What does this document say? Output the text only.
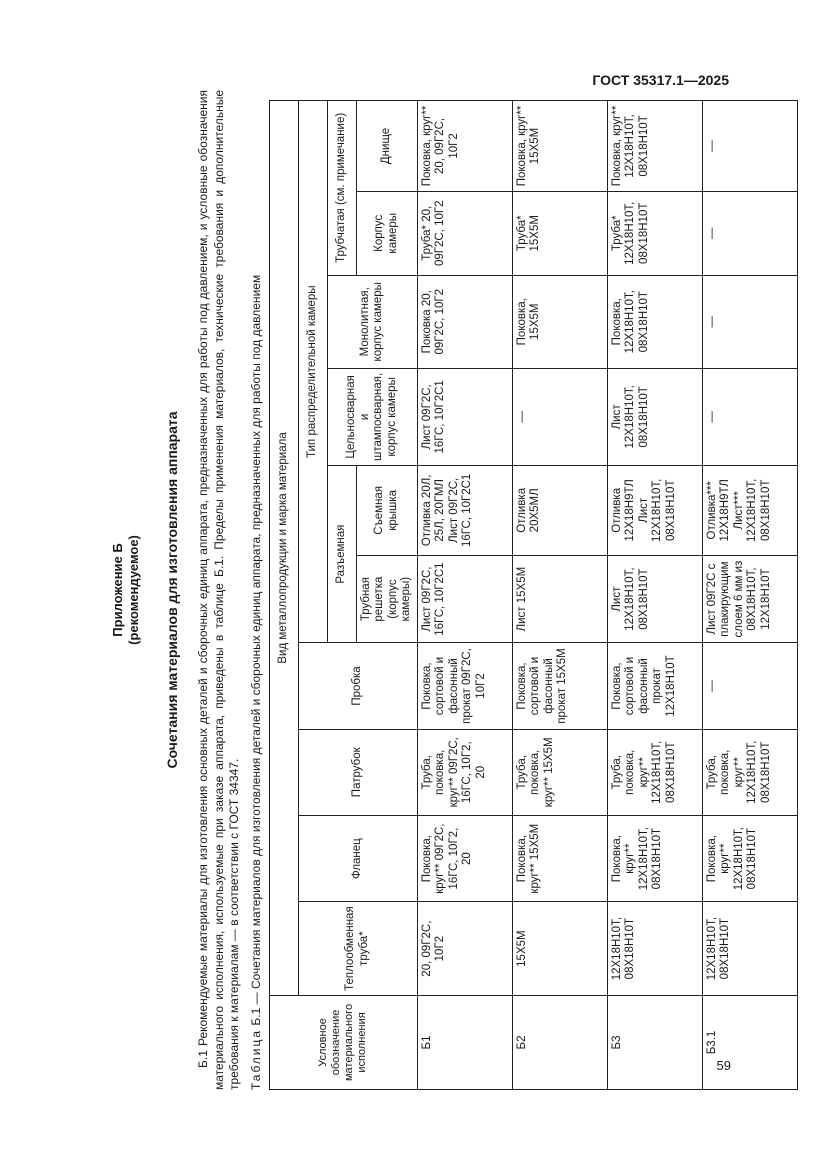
ГОСТ 35317.1—2025
Приложение Б (рекомендуемое) Сочетания материалов для изготовления аппарата Б.1 Рекомендуемые материалы для изготовления основных деталей и сборочных единиц аппарата, предназначенных для работы под давлением, и условные обозначения материального исполнения, используемые при заказе аппарата, приведены в таблице Б.1. Пределы применения материалов, технические требования и дополнительные требования к материалам — в соответствии с ГОСТ 34347. Таблица Б.1 — Сочетания материалов для изготовления деталей и сборочных единиц аппарата, предназначенных для работы под давлением
Условное обозначение материального исполнения	Вид металлопродукции и марка материала									
	Теплообменная труба*	Фланец	Патрубок	Пробка	Тип распределительной камеры					
					Разъемная		Цельносварная и штампосварная, корпус камеры	Монолитная, корпус камеры	Трубчатая (см. примечание)	
					Трубная решетка (корпус камеры)	Съемная крышка			Корпус камеры	Днище
Б1	20, 09Г2С, 10Г2	Поковка, круг** 09Г2С, 16ГС, 10Г2, 20	Труба, поковка, круг** 09Г2С, 16ГС, 10Г2, 20	Поковка, сортовой и фасонный прокат 09Г2С, 10Г2	Лист 09Г2С, 16ГС, 10Г2С1	Отливка 20Л, 25Л, 20ГМЛ Лист 09Г2С, 16ГС, 10Г2С1	Лист 09Г2С, 16ГС, 10Г2С1	Поковка 20, 09Г2С, 10Г2	Труба* 20, 09Г2С, 10Г2	Поковка, круг** 20, 09Г2С, 10Г2
Б2	15Х5М	Поковка, круг** 15Х5М	Труба, поковка, круг** 15Х5М	Поковка, сортовой и фасонный прокат 15Х5М	Лист 15Х5М	Отливка 20Х5МЛ	—	Поковка, 15Х5М	Труба* 15Х5М	Поковка, круг** 15Х5М
Б3	12Х18Н10Т, 08Х18Н10Т	Поковка, круг** 12Х18Н10Т, 08Х18Н10Т	Труба, поковка, круг** 12Х18Н10Т, 08Х18Н10Т	Поковка, сортовой и фасонный прокат 12Х18Н10Т	Лист 12Х18Н10Т, 08Х18Н10Т	Отливка 12Х18Н9ТЛ Лист 12Х18Н10Т, 08Х18Н10Т	Лист 12Х18Н10Т, 08Х18Н10Т	Поковка, 12Х18Н10Т, 08Х18Н10Т	Труба* 12Х18Н10Т, 08Х18Н10Т	Поковка, круг** 12Х18Н10Т, 08Х18Н10Т
Б3.1	12Х18Н10Т, 08Х18Н10Т	Поковка, круг** 12Х18Н10Т, 08Х18Н10Т	Труба, поковка, круг** 12Х18Н10Т, 08Х18Н10Т	—	Лист 09Г2С с плакирующим слоем 6 мм из 08Х18Н10Т, 12Х18Н10Т	Отливка*** 12Х18Н9ТЛ Лист*** 12Х18Н10Т, 08Х18Н10Т	—	—	—	—
59
